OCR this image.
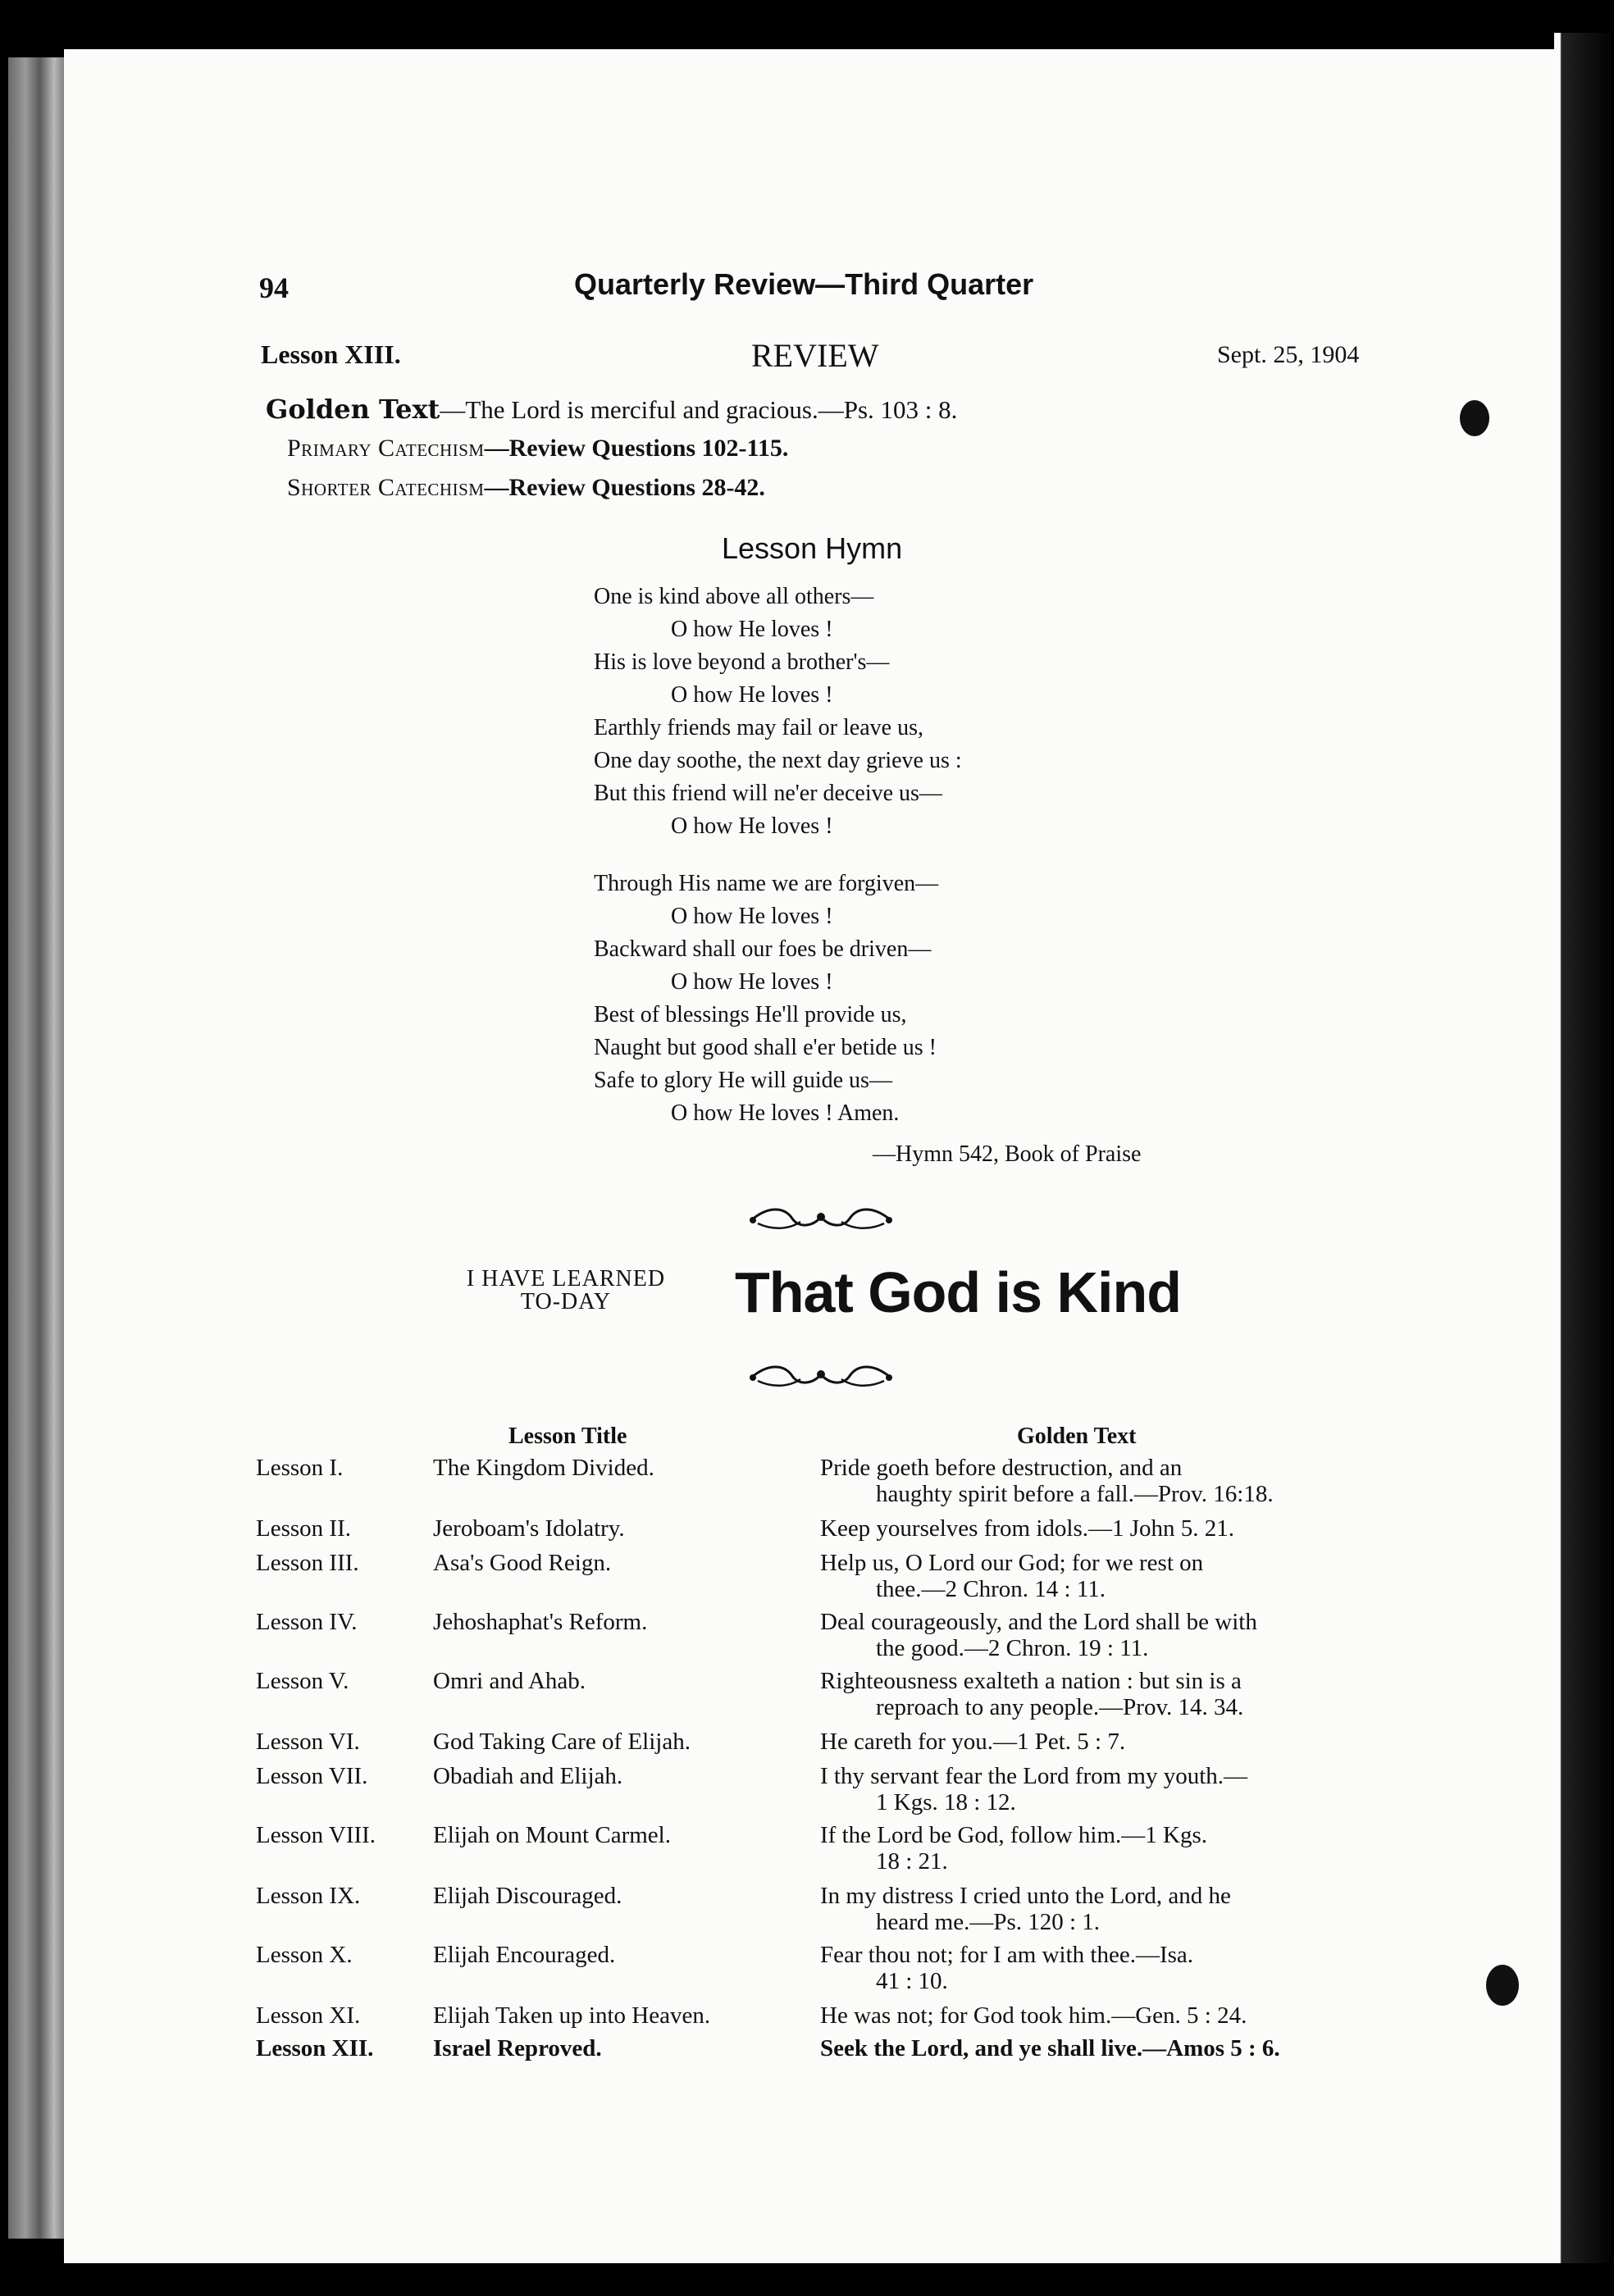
94	Quarterly Review—Third Quarter
Lesson XIII.	REVIEW	Sept. 25, 1904
Golden Text—The Lord is merciful and gracious.—Ps. 103 : 8.
Primary Catechism—Review Questions 102-115.
Shorter Catechism—Review Questions 28-42.
Lesson Hymn
One is kind above all others—
O how He loves !
His is love beyond a brother's—
O how He loves !
Earthly friends may fail or leave us,
One day soothe, the next day grieve us :
But this friend will ne'er deceive us—
O how He loves !
Through His name we are forgiven—
O how He loves !
Backward shall our foes be driven—
O how He loves !
Best of blessings He'll provide us,
Naught but good shall e'er betide us !
Safe to glory He will guide us—
O how He loves ! Amen.
—Hymn 542, Book of Praise
I HAVE LEARNED
TO-DAY	That God is Kind
Lesson Title	Golden Text
Lesson I.	The Kingdom Divided.	Pride goeth before destruction, and an
haughty spirit before a fall.—Prov. 16:18.
Lesson II.	Jeroboam's Idolatry.	Keep yourselves from idols.—1 John 5. 21.
Lesson III.	Asa's Good Reign.	Help us, O Lord our God; for we rest on
thee.—2 Chron. 14 : 11.
Lesson IV.	Jehoshaphat's Reform.	Deal courageously, and the Lord shall be with
the good.—2 Chron. 19 : 11.
Lesson V.	Omri and Ahab.	Righteousness exalteth a nation : but sin is a
reproach to any people.—Prov. 14. 34.
Lesson VI.	God Taking Care of Elijah.	He careth for you.—1 Pet. 5 : 7.
Lesson VII.	Obadiah and Elijah.	I thy servant fear the Lord from my youth.—
1 Kgs. 18 : 12.
Lesson VIII. Elijah on Mount Carmel.	If the Lord be God, follow him.—1 Kgs.
18 : 21.
Lesson IX.	Elijah Discouraged.	In my distress I cried unto the Lord, and he
heard me.—Ps. 120 : 1.
Lesson X.	Elijah Encouraged.	Fear thou not; for I am with thee.—Isa.
41 : 10.
Lesson XI.	Elijah Taken up into Heaven.	He was not; for God took him.—Gen. 5 : 24.
Lesson XII.	Israel Reproved.	Seek the Lord, and ye shall live.—Amos 5 : 6.
